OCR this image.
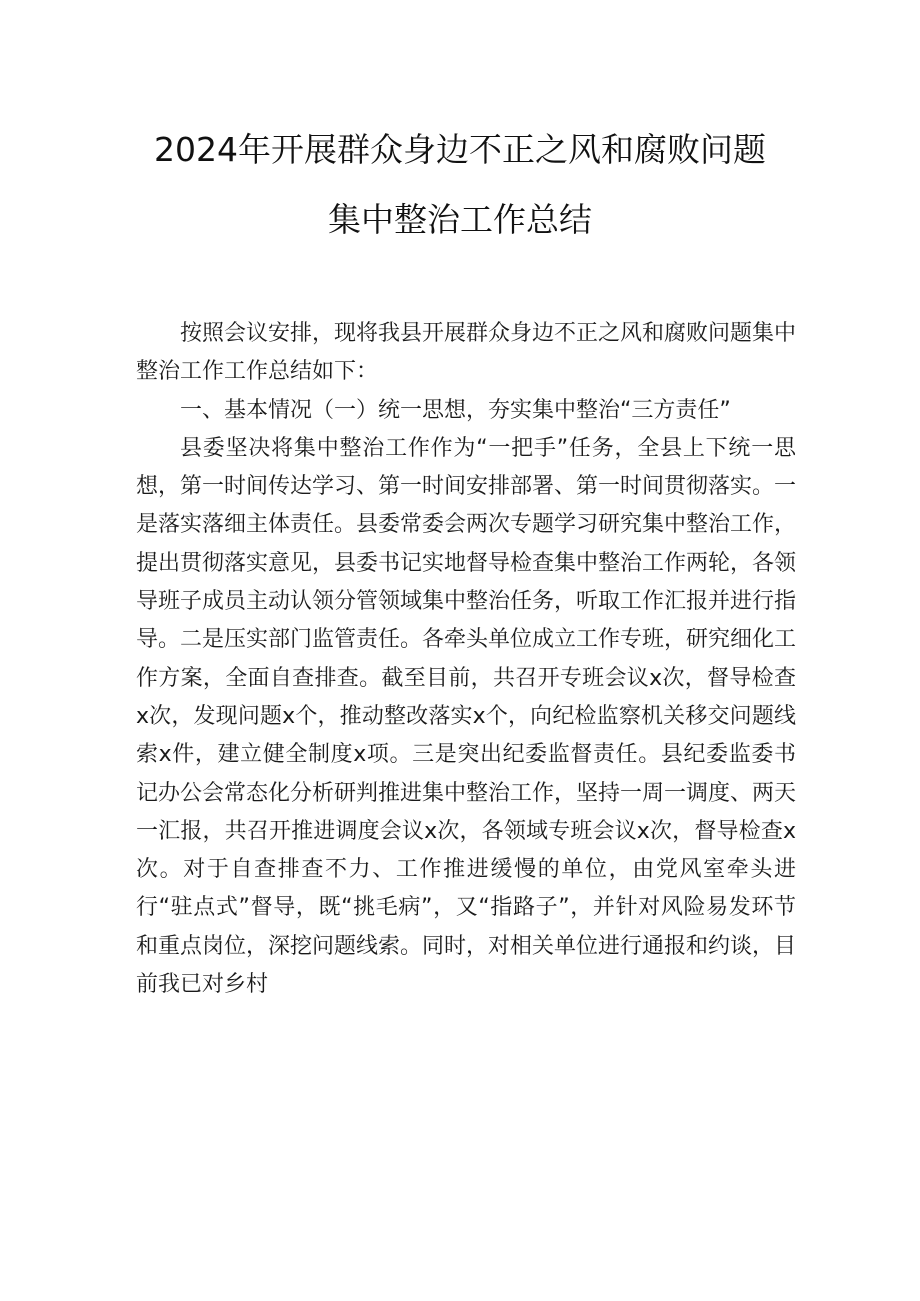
2024年开展群众身边不正之风和腐败问题
集中整治工作总结

按照会议安排，现将我县开展群众身边不正之风和腐败问题集中整治工作工作总结如下：

一、基本情况（一）统一思想，夯实集中整治“三方责任”

县委坚决将集中整治工作作为“一把手”任务，全县上下统一思想，第一时间传达学习、第一时间安排部署、第一时间贯彻落实。一是落实落细主体责任。县委常委会两次专题学习研究集中整治工作，提出贯彻落实意见，县委书记实地督导检查集中整治工作两轮，各领导班子成员主动认领分管领域集中整治任务，听取工作汇报并进行指导。二是压实部门监管责任。各牵头单位成立工作专班，研究细化工作方案，全面自查排查。截至目前，共召开专班会议x次，督导检查x次，发现问题x个，推动整改落实x个，向纪检监察机关移交问题线索x件，建立健全制度x项。三是突出纪委监督责任。县纪委监委书记办公会常态化分析研判推进集中整治工作，坚持一周一调度、两天一汇报，共召开推进调度会议x次，各领域专班会议x次，督导检查x次。对于自查排查不力、工作推进缓慢的单位，由党风室牵头进行“驻点式”督导，既“挑毛病”，又“指路子”，并针对风险易发环节和重点岗位，深挖问题线索。同时，对相关单位进行通报和约谈，目前我已对乡村
